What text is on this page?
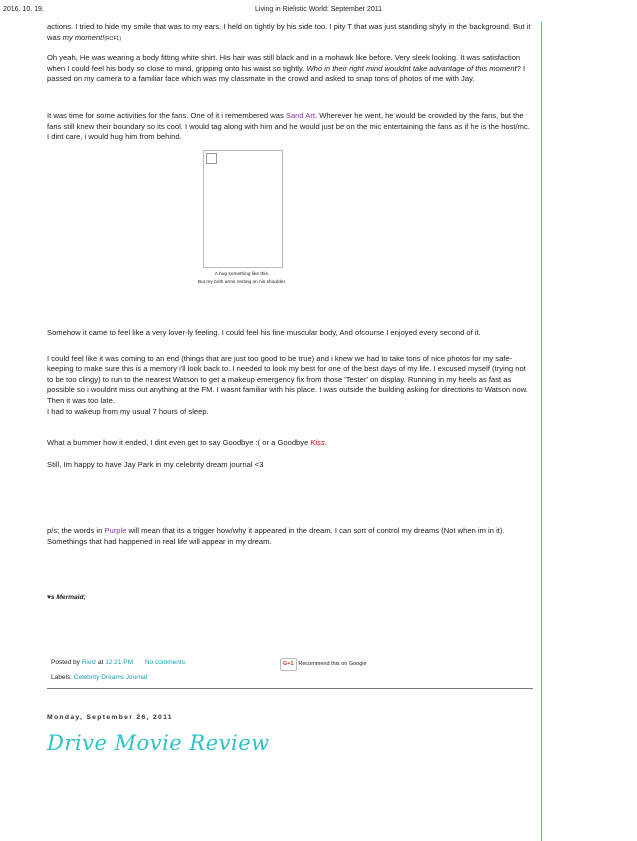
2016. 10. 19.	Living in Rielistic World: September 2011

actions. I tried to hide my smile that was to my ears. I held on tightly by his side too. I pity T that was just standing shyly in the background. But it was my moment!(ROFL)

Oh yeah, He was wearing a body fitting white shirt. His hair was still black and in a mohawk like before. Very sleek looking. It was satisfaction when I could feel his body so close to mind, gripping onto his waist so tightly. Who in their right mind wouldnt take advantage of this moment? I passed on my camera to a familiar face which was my classmate in the crowd and asked to snap tons of photos of me with Jay.

It was time for some activities for the fans. One of it i remembered was Sand Art. Wherever he went, he would be crowded by the fans, but the fans still knew their boundary so its cool. I would tag along with him and he would just be on the mic entertaining the fans as if he is the host/mc. I dint care, i would hug him from behind.

A hug something like this.
But my both arms resting on his shoulder.

Somehow it came to feel like a very lover-ly feeling. I could feel his fine muscular body, And ofcourse I enjoyed every second of it.

I could feel like it was coming to an end (things that are just too good to be true) and i knew we had to take tons of nice photos for my safe-keeping to make sure this is a memory i'll look back to. I needed to look my best for one of the best days of my life. I excused myself (trying not to be too clingy) to run to the nearest Watson to get a makeup emergency fix from those 'Tester' on display. Running in my heels as fast as possible so i wouldnt miss out anything at the FM. I wasnt familiar with his place. I was outside the building asking for directions to Watson now.

Then it was too late.
I had to wakeup from my usual 7 hours of sleep.

What a bummer how it ended, I dint even get to say Goodbye :( or a Goodbye Kiss.

Still, Im happy to have Jay Park in my celebrity dream journal <3

p/s; the words in Purple will mean that its a trigger how/why it appeared in the dream. I can sort of control my dreams (Not when im in it). Somethings that had happened in real life will appear in my dream.

♥s Mermaid;
Posted by Rielz at 12:21 PM No comments:	G+1 Recommend this on Google
Labels: Celebrity Dreams Journal
Monday, September 26, 2011
Drive Movie Review
